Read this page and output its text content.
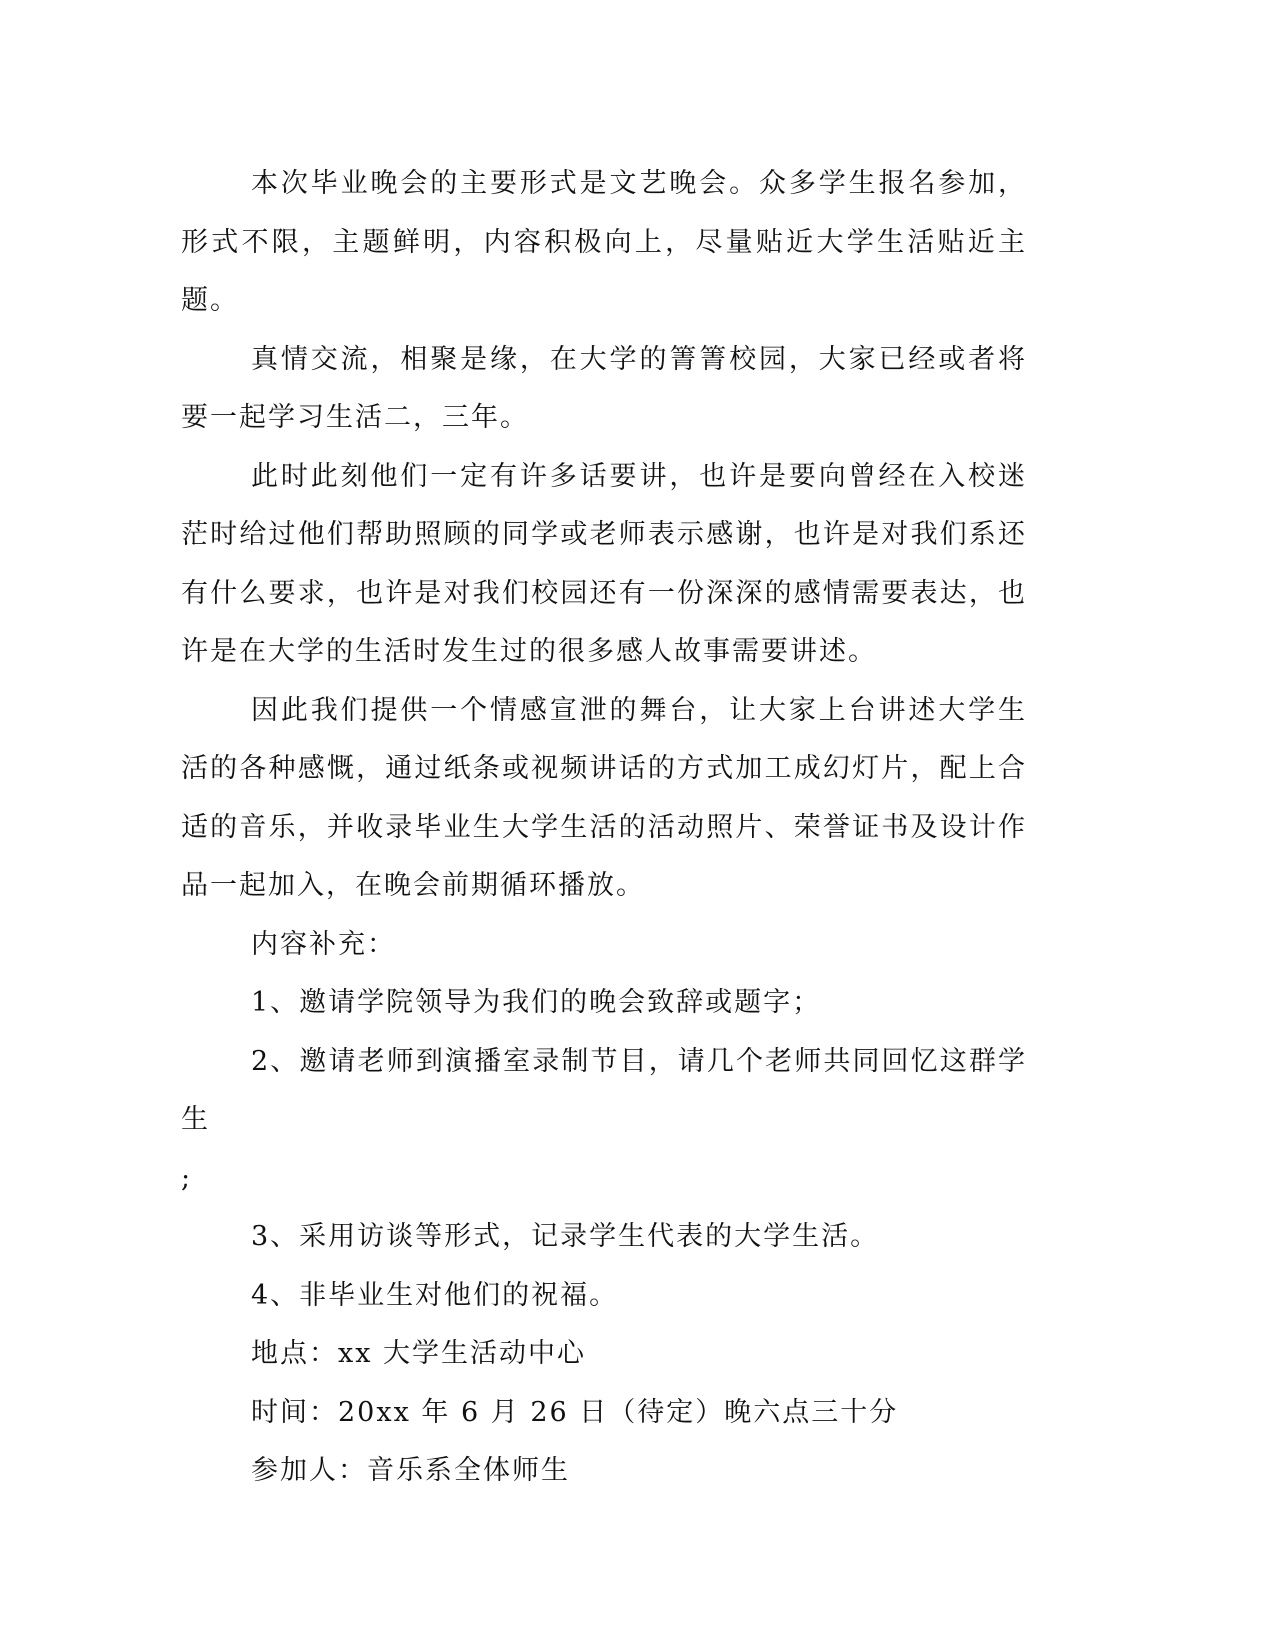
本次毕业晚会的主要形式是文艺晚会。众多学生报名参加，形式不限，主题鲜明，内容积极向上，尽量贴近大学生活贴近主题。

真情交流，相聚是缘，在大学的箐箐校园，大家已经或者将要一起学习生活二，三年。

此时此刻他们一定有许多话要讲，也许是要向曾经在入校迷茫时给过他们帮助照顾的同学或老师表示感谢，也许是对我们系还有什么要求，也许是对我们校园还有一份深深的感情需要表达，也许是在大学的生活时发生过的很多感人故事需要讲述。

因此我们提供一个情感宣泄的舞台，让大家上台讲述大学生活的各种感慨，通过纸条或视频讲话的方式加工成幻灯片，配上合适的音乐，并收录毕业生大学生活的活动照片、荣誉证书及设计作品一起加入，在晚会前期循环播放。

内容补充：

1、邀请学院领导为我们的晚会致辞或题字；

2、邀请老师到演播室录制节目，请几个老师共同回忆这群学生

;

3、采用访谈等形式，记录学生代表的大学生活。

4、非毕业生对他们的祝福。

地点：xx 大学生活动中心

时间：20xx 年 6 月 26 日（待定）晚六点三十分

参加人：音乐系全体师生
